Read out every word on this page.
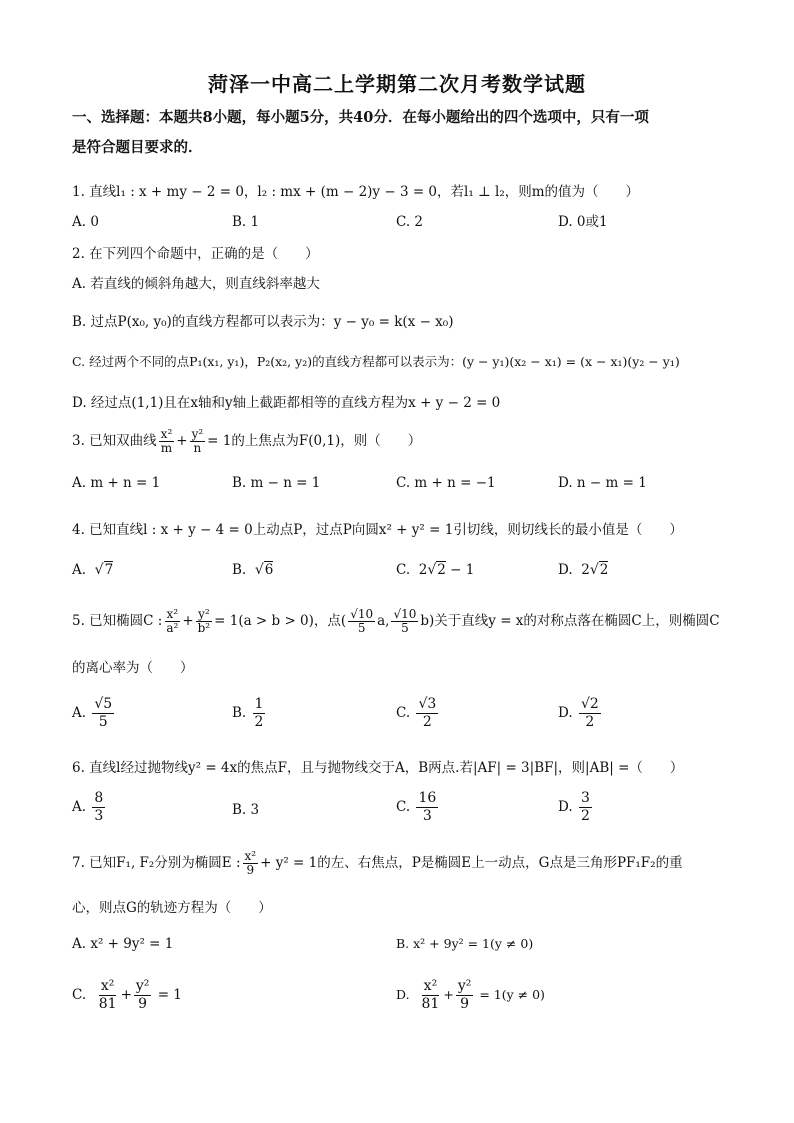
菏泽一中高二上学期第二次月考数学试题
一、选择题：本题共8小题，每小题5分，共40分．在每小题给出的四个选项中，只有一项
是符合题目要求的．
1. 直线l₁ : x + my − 2 = 0，l₂ : mx + (m − 2)y − 3 = 0，若l₁ ⊥ l₂，则m的值为（　　）
A. 0	B. 1	C. 2	D. 0或1
2. 在下列四个命题中，正确的是（　　）
A. 若直线的倾斜角越大，则直线斜率越大
B. 过点P(x₀, y₀)的直线方程都可以表示为：y − y₀ = k(x − x₀)
C. 经过两个不同的点P₁(x₁, y₁)，P₂(x₂, y₂)的直线方程都可以表示为：(y − y₁)(x₂ − x₁) = (x − x₁)(y₂ − y₁)
D. 经过点(1,1)且在x轴和y轴上截距都相等的直线方程为x + y − 2 = 0
3. 已知双曲线 $\frac{\text{x²}}{m} + \frac{\text{y²}}{n} = 1$的上焦点为F(0,1)，则（　　）
A. m + n = 1	B. m − n = 1	C. m + n = −1	D. n − m = 1
4. 已知直线l : x + y − 4 = 0上动点P，过点P向圆x² + y² = 1引切线，则切线长的最小值是（　　）
A. √7	B. √6	C. 2√2 − 1	D. 2√2
5. 已知椭圆C : $\frac{\text{x²}}{\text{a²}} + \frac{\text{y²}}{\text{b²}} = 1(a > b > 0)$，点( $\frac{√10}{5} a$, $\frac{√10}{5} b$)关于直线y = x的对称点落在椭圆C上，则椭圆C
的离心率为（　　）
A. $\frac{√5}{5}$	B. $\frac{1}{2}$	C. $\frac{√3}{2}$	D. $\frac{√2}{2}$
6. 直线l经过抛物线y² = 4x的焦点F，且与抛物线交于A，B两点.若|AF| = 3|BF|，则|AB| =（　　）
A. $\frac{8}{3}$	B. 3	C. $\frac{16}{3}$	D. $\frac{3}{2}$
7. 已知F₁, F₂分别为椭圆E : $\frac{\text{x²}}{9} + y^2 = 1$的左、右焦点，P是椭圆E上一动点，G点是三角形PF₁F₂的重
心，则点G的轨迹方程为（　　）
A. x² + 9y² = 1	B. x² + 9y² = 1(y ≠ 0)
C. $\frac{\text{x²}}{81} + \frac{\text{y²}}{9} = 1$	D. $\frac{\text{x²}}{81} + \frac{\text{y²}}{9} = 1(y \ne 0)$
